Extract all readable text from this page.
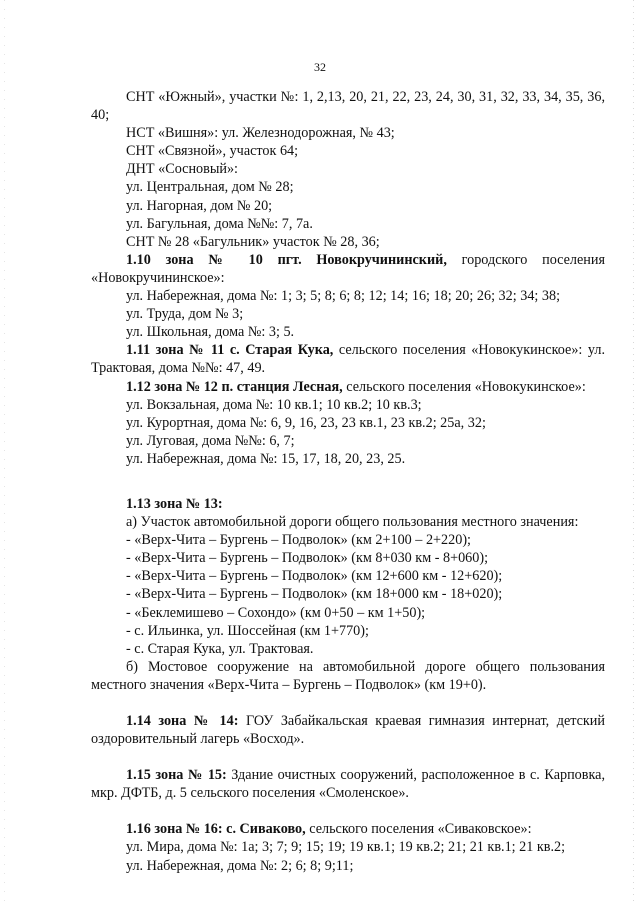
32

СНТ «Южный», участки №: 1, 2,13, 20, 21, 22, 23, 24, 30, 31, 32, 33, 34, 35, 36, 40;

НСТ «Вишня»: ул. Железнодорожная, № 43;

СНТ «Связной», участок 64;

ДНТ «Сосновый»:

ул. Центральная, дом № 28;

ул. Нагорная, дом № 20;

ул. Багульная, дома №№: 7, 7а.

СНТ № 28 «Багульник» участок № 28, 36;

1.10 зона № 10 пгт. Новокручининский, городского поселения «Новокручининское»:

ул. Набережная, дома №: 1; 3; 5; 8; 6; 8; 12; 14; 16; 18; 20; 26; 32; 34; 38;

ул. Труда, дом № 3;

ул. Школьная, дома №: 3; 5.

1.11 зона № 11 с. Старая Кука, сельского поселения «Новокукинское»: ул. Трактовая, дома №№: 47, 49.

1.12 зона № 12 п. станция Лесная, сельского поселения «Новокукинское»:

ул. Вокзальная, дома №: 10 кв.1; 10 кв.2; 10 кв.3;

ул. Курортная, дома №: 6, 9, 16, 23, 23 кв.1, 23 кв.2; 25а, 32;

ул. Луговая, дома №№: 6, 7;

ул. Набережная, дома №: 15, 17, 18, 20, 23, 25.

1.13 зона № 13:

а) Участок автомобильной дороги общего пользования местного значения:

- «Верх-Чита – Бургень – Подволок» (км 2+100 – 2+220);

- «Верх-Чита – Бургень – Подволок» (км 8+030 км - 8+060);

- «Верх-Чита – Бургень – Подволок» (км 12+600 км - 12+620);

- «Верх-Чита – Бургень – Подволок» (км 18+000 км - 18+020);

- «Беклемишево – Сохондо» (км 0+50 – км 1+50);

- с. Ильинка, ул. Шоссейная (км 1+770);

- с. Старая Кука, ул. Трактовая.

б) Мостовое сооружение на автомобильной дороге общего пользования местного значения «Верх-Чита – Бургень – Подволок» (км 19+0).

1.14 зона № 14: ГОУ Забайкальская краевая гимназия интернат, детский оздоровительный лагерь «Восход».

1.15 зона № 15: Здание очистных сооружений, расположенное в с. Карповка, мкр. ДФТБ, д. 5 сельского поселения «Смоленское».

1.16 зона № 16: с. Сиваково, сельского поселения «Сиваковское»:

ул. Мира, дома №: 1а; 3; 7; 9; 15; 19; 19 кв.1; 19 кв.2; 21; 21 кв.1; 21 кв.2;

ул. Набережная, дома №: 2; 6; 8; 9;11;
